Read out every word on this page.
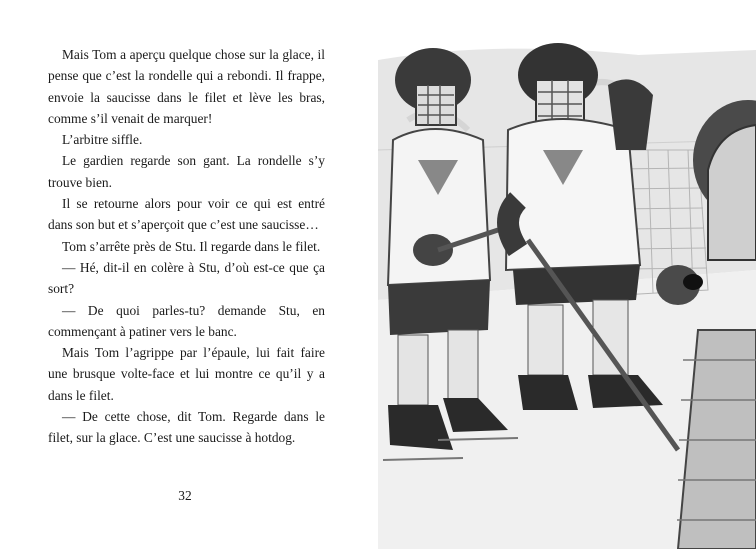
Mais Tom a aperçu quelque chose sur la glace, il pense que c’est la rondelle qui a rebondi. Il frappe, envoie la saucisse dans le filet et lève les bras, comme s’il venait de marquer!

L’arbitre siffle.

Le gardien regarde son gant. La rondelle s’y trouve bien.

Il se retourne alors pour voir ce qui est entré dans son but et s’aperçoit que c’est une saucisse…

Tom s’arrête près de Stu. Il regarde dans le filet.

— Hé, dit-il en colère à Stu, d’où est-ce que ça sort?

— De quoi parles-tu? demande Stu, en commençant à patiner vers le banc.

Mais Tom l’agrippe par l’épaule, lui fait faire une brusque volte-face et lui montre ce qu’il y a dans le filet.

— De cette chose, dit Tom. Regarde dans le filet, sur la glace. C’est une saucisse à hotdog.

32
